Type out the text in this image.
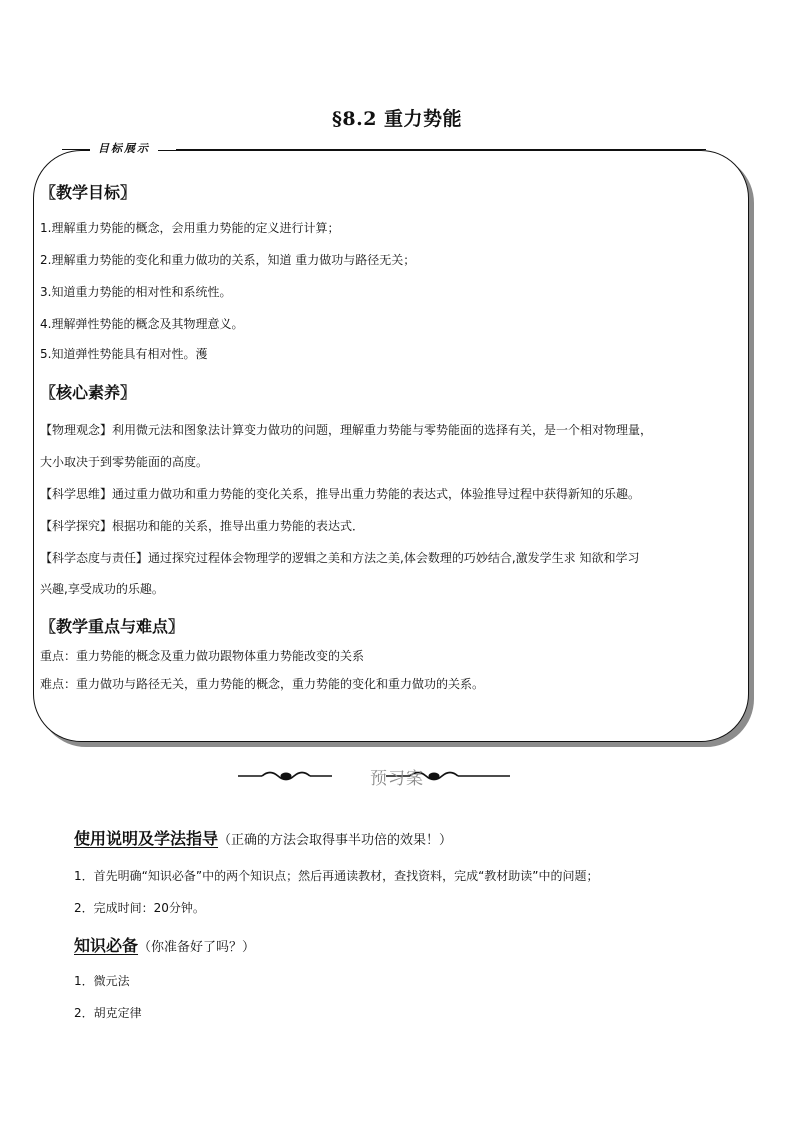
§8.2 重力势能
目标展示
〖教学目标〗
1.理解重力势能的概念，会用重力势能的定义进行计算；
2.理解重力势能的变化和重力做功的关系，知道 重力做功与路径无关；
3.知道重力势能的相对性和系统性。
4.理解弹性势能的概念及其物理意义。
5.知道弹性势能具有相对性。濩
〖核心素养〗
【物理观念】利用微元法和图象法计算变力做功的问题，理解重力势能与零势能面的选择有关，是一个相对物理量，
大小取决于到零势能面的高度。
【科学思维】通过重力做功和重力势能的变化关系，推导出重力势能的表达式，体验推导过程中获得新知的乐趣。
【科学探究】根据功和能的关系，推导出重力势能的表达式．
【科学态度与责任】通过探究过程体会物理学的逻辑之美和方法之美,体会数理的巧妙结合,激发学生求 知欲和学习
兴趣,享受成功的乐趣。
〖教学重点与难点〗
重点：重力势能的概念及重力做功跟物体重力势能改变的关系
难点：重力做功与路径无关，重力势能的概念，重力势能的变化和重力做功的关系。
预习案
使用说明及学法指导（正确的方法会取得事半功倍的效果！）
1．首先明确“知识必备”中的两个知识点；然后再通读教材，查找资料，完成“教材助读”中的问题；
2．完成时间：20分钟。
知识必备（你准备好了吗？）
1．微元法
2．胡克定律
